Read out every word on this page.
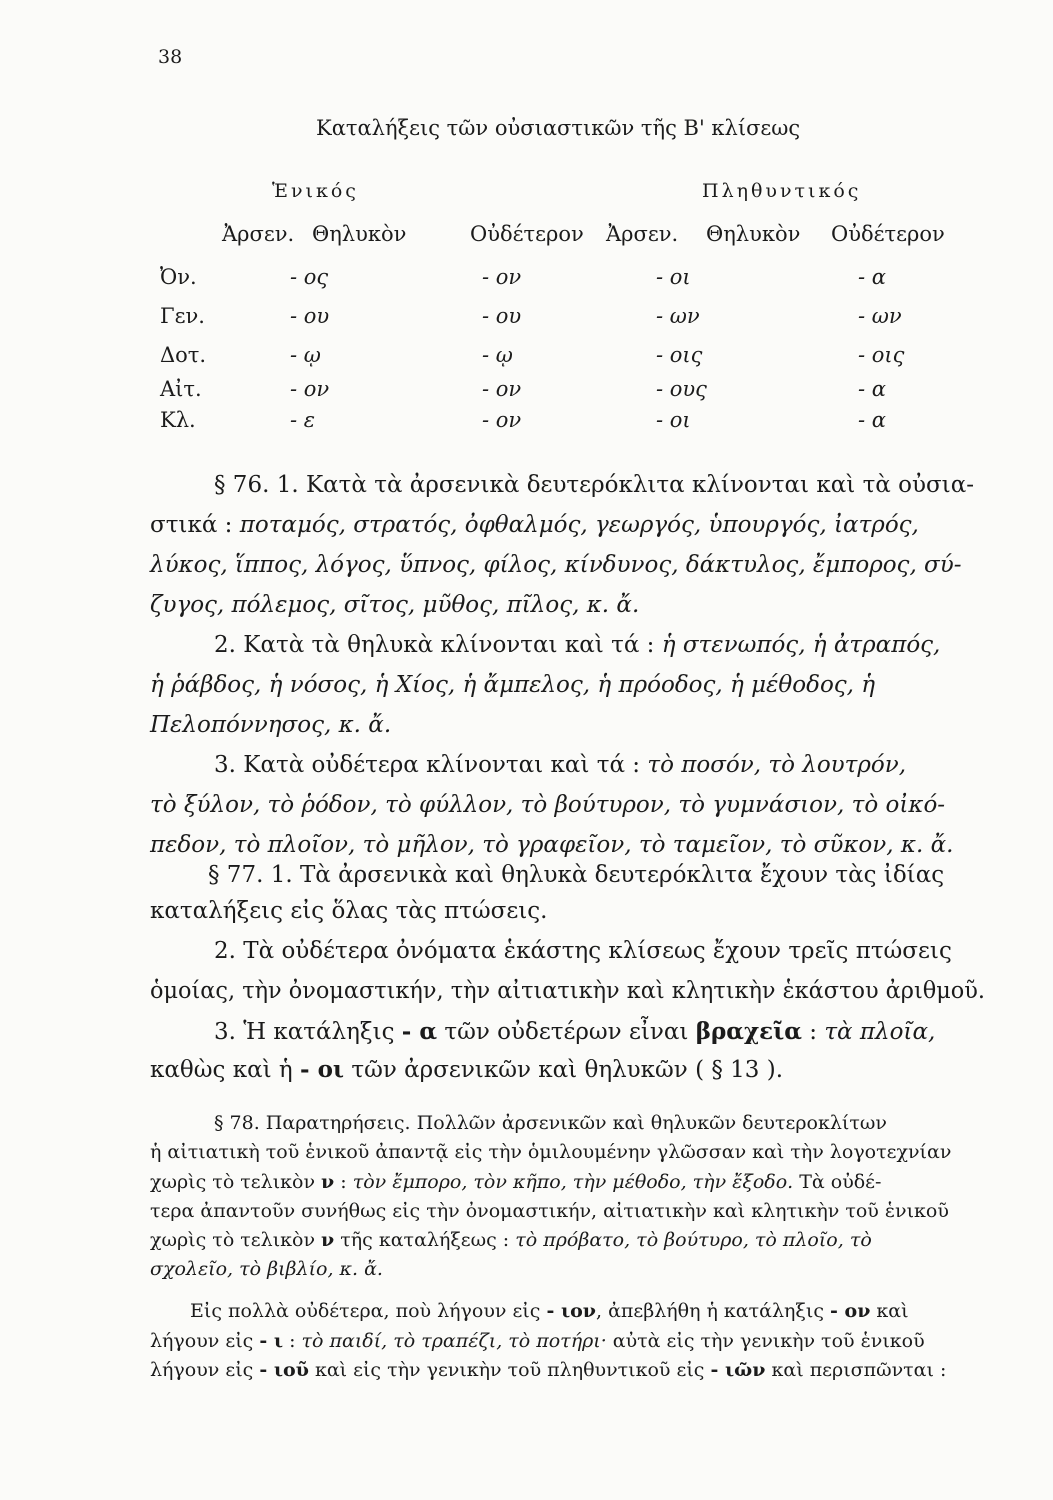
38
Καταλήξεις τῶν οὐσιαστικῶν τῆς Β' κλίσεως
Ἑνικός	Πληθυντικός
Ἀρσεν. Θηλυκὸν	Οὐδέτερον Ἀρσεν. Θηλυκὸν Οὐδέτερον
Ὀν.	- ος	- ον	- οι	- α
Γεν.	- ου	- ου	- ων	- ων
Δοτ.	- ῳ	- ῳ	- οις	- οις
Αἰτ.	- ον	- ον	- ους	- α
Κλ.	- ε	- ον	- οι	- α
§ 76. 1. Κατὰ τὰ ἀρσενικὰ δευτερόκλιτα κλίνονται καὶ τὰ οὐσια-
στικά : ποταμός, στρατός, ὀφθαλμός, γεωργός, ὑπουργός, ἰατρός,
λύκος, ἵππος, λόγος, ὕπνος, φίλος, κίνδυνος, δάκτυλος, ἔμπορος, σύ-
ζυγος, πόλεμος, σῖτος, μῦθος, πῖλος, κ. ἄ.
2. Κατὰ τὰ θηλυκὰ κλίνονται καὶ τά : ἡ στενωπός, ἡ ἀτραπός,
ἡ ῥάβδος, ἡ νόσος, ἡ Χίος, ἡ ἄμπελος, ἡ πρόοδος, ἡ μέθοδος, ἡ
Πελοπόννησος, κ. ἄ.
3. Κατὰ οὐδέτερα κλίνονται καὶ τά : τὸ ποσόν, τὸ λουτρόν,
τὸ ξύλον, τὸ ῥόδον, τὸ φύλλον, τὸ βούτυρον, τὸ γυμνάσιον, τὸ οἰκό-
πεδον, τὸ πλοῖον, τὸ μῆλον, τὸ γραφεῖον, τὸ ταμεῖον, τὸ σῦκον, κ. ἄ.
§ 77. 1. Τὰ ἀρσενικὰ καὶ θηλυκὰ δευτερόκλιτα ἔχουν τὰς ἰδίας
καταλήξεις εἰς ὅλας τὰς πτώσεις.
2. Τὰ οὐδέτερα ὀνόματα ἑκάστης κλίσεως ἔχουν τρεῖς πτώσεις
ὁμοίας, τὴν ὀνομαστικήν, τὴν αἰτιατικὴν καὶ κλητικὴν ἑκάστου ἀριθμοῦ.
3. Ἡ κατάληξις - α τῶν οὐδετέρων εἶναι βραχεῖα : τὰ πλοῖα,
καθὼς καὶ ἡ - οι τῶν ἀρσενικῶν καὶ θηλυκῶν ( § 13 ).
§ 78. Παρατηρήσεις. Πολλῶν ἀρσενικῶν καὶ θηλυκῶν δευτεροκλίτων
ἡ αἰτιατικὴ τοῦ ἑνικοῦ ἀπαντᾷ εἰς τὴν ὁμιλουμένην γλῶσσαν καὶ τὴν λογοτεχνίαν
χωρὶς τὸ τελικὸν ν : τὸν ἔμπορο, τὸν κῆπο, τὴν μέθοδο, τὴν ἔξοδο. Τὰ οὐδέ-
τερα ἀπαντοῦν συνήθως εἰς τὴν ὀνομαστικήν, αἰτιατικὴν καὶ κλητικὴν τοῦ ἑνικοῦ
χωρὶς τὸ τελικὸν ν τῆς καταλήξεως : τὸ πρόβατο, τὸ βούτυρο, τὸ πλοῖο, τὸ
σχολεῖο, τὸ βιβλίο, κ. ἄ.
Εἰς πολλὰ οὐδέτερα, ποὺ λήγουν εἰς - ιον, ἀπεβλήθη ἡ κατάληξις - ον καὶ
λήγουν εἰς - ι : τὸ παιδί, τὸ τραπέζι, τὸ ποτήρι· αὐτὰ εἰς τὴν γενικὴν τοῦ ἑνικοῦ
λήγουν εἰς - ιοῦ καὶ εἰς τὴν γενικὴν τοῦ πληθυντικοῦ εἰς - ιῶν καὶ περισπῶνται :
